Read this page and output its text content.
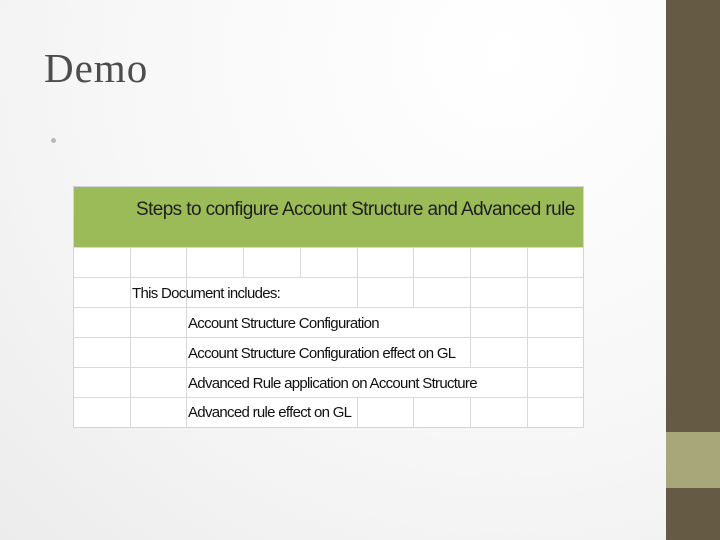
Demo
Steps to configure Account Structure and Advanced rule
This Document includes:
Account Structure Configuration
Account Structure Configuration effect on GL
Advanced Rule application on Account Structure
Advanced rule effect on GL
